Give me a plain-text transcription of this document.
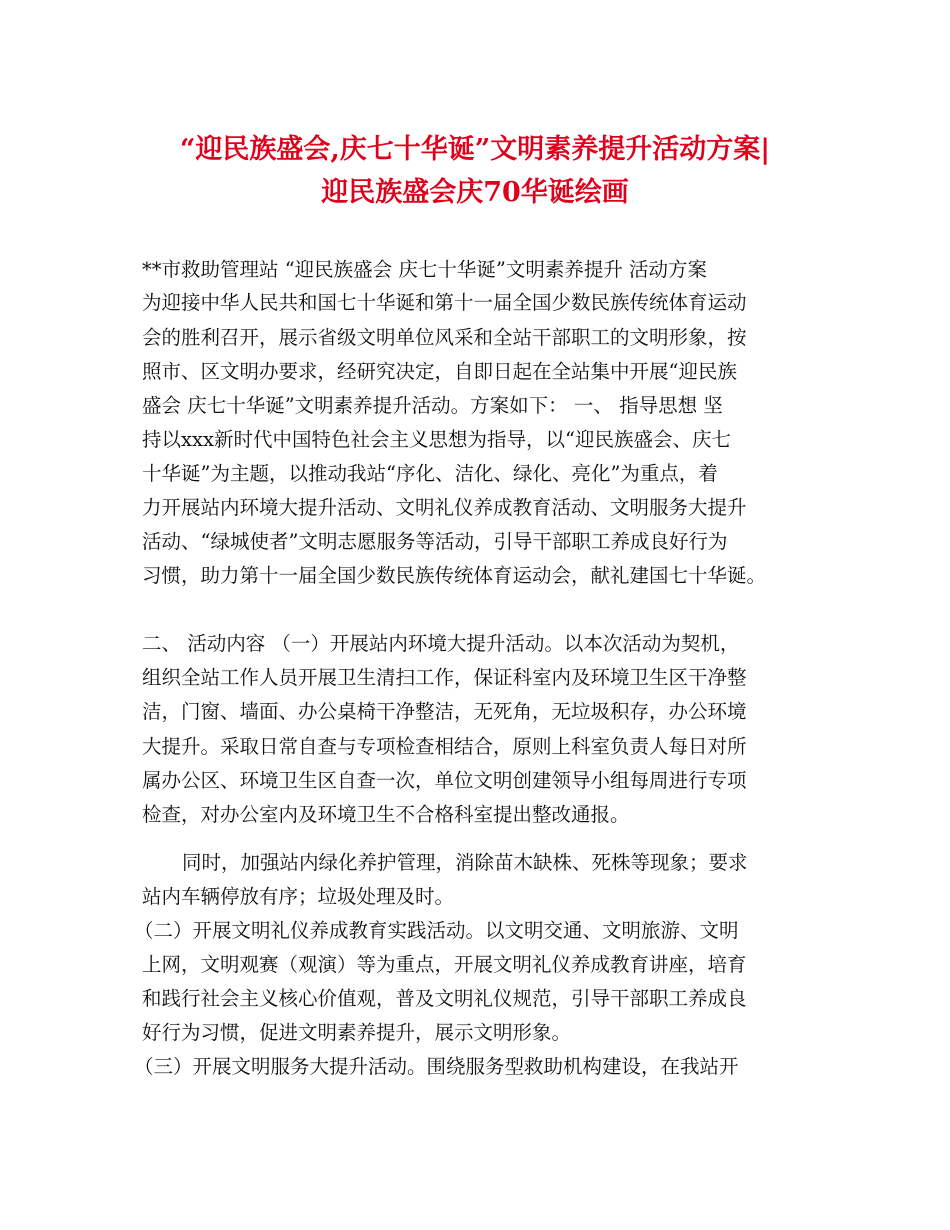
“迎民族盛会,庆七十华诞”文明素养提升活动方案|
迎民族盛会庆70华诞绘画
**市救助管理站 “迎民族盛会 庆七十华诞”文明素养提升 活动方案
为迎接中华人民共和国七十华诞和第十一届全国少数民族传统体育运动
会的胜利召开，展示省级文明单位风采和全站干部职工的文明形象，按
照市、区文明办要求，经研究决定，自即日起在全站集中开展“迎民族
盛会 庆七十华诞”文明素养提升活动。方案如下： 一、 指导思想 坚
持以xxx新时代中国特色社会主义思想为指导，以“迎民族盛会、庆七
十华诞”为主题，以推动我站“序化、洁化、绿化、亮化”为重点，着
力开展站内环境大提升活动、文明礼仪养成教育活动、文明服务大提升
活动、“绿城使者”文明志愿服务等活动，引导干部职工养成良好行为
习惯，助力第十一届全国少数民族传统体育运动会，献礼建国七十华诞。
二、 活动内容 （一）开展站内环境大提升活动。以本次活动为契机，
组织全站工作人员开展卫生清扫工作，保证科室内及环境卫生区干净整
洁，门窗、墙面、办公桌椅干净整洁，无死角，无垃圾积存，办公环境
大提升。采取日常自查与专项检查相结合，原则上科室负责人每日对所
属办公区、环境卫生区自查一次，单位文明创建领导小组每周进行专项
检查，对办公室内及环境卫生不合格科室提出整改通报。
同时，加强站内绿化养护管理，消除苗木缺株、死株等现象；要求
站内车辆停放有序；垃圾处理及时。
（二）开展文明礼仪养成教育实践活动。以文明交通、文明旅游、文明
上网，文明观赛（观演）等为重点，开展文明礼仪养成教育讲座，培育
和践行社会主义核心价值观，普及文明礼仪规范，引导干部职工养成良
好行为习惯，促进文明素养提升，展示文明形象。
（三）开展文明服务大提升活动。围绕服务型救助机构建设，在我站开
